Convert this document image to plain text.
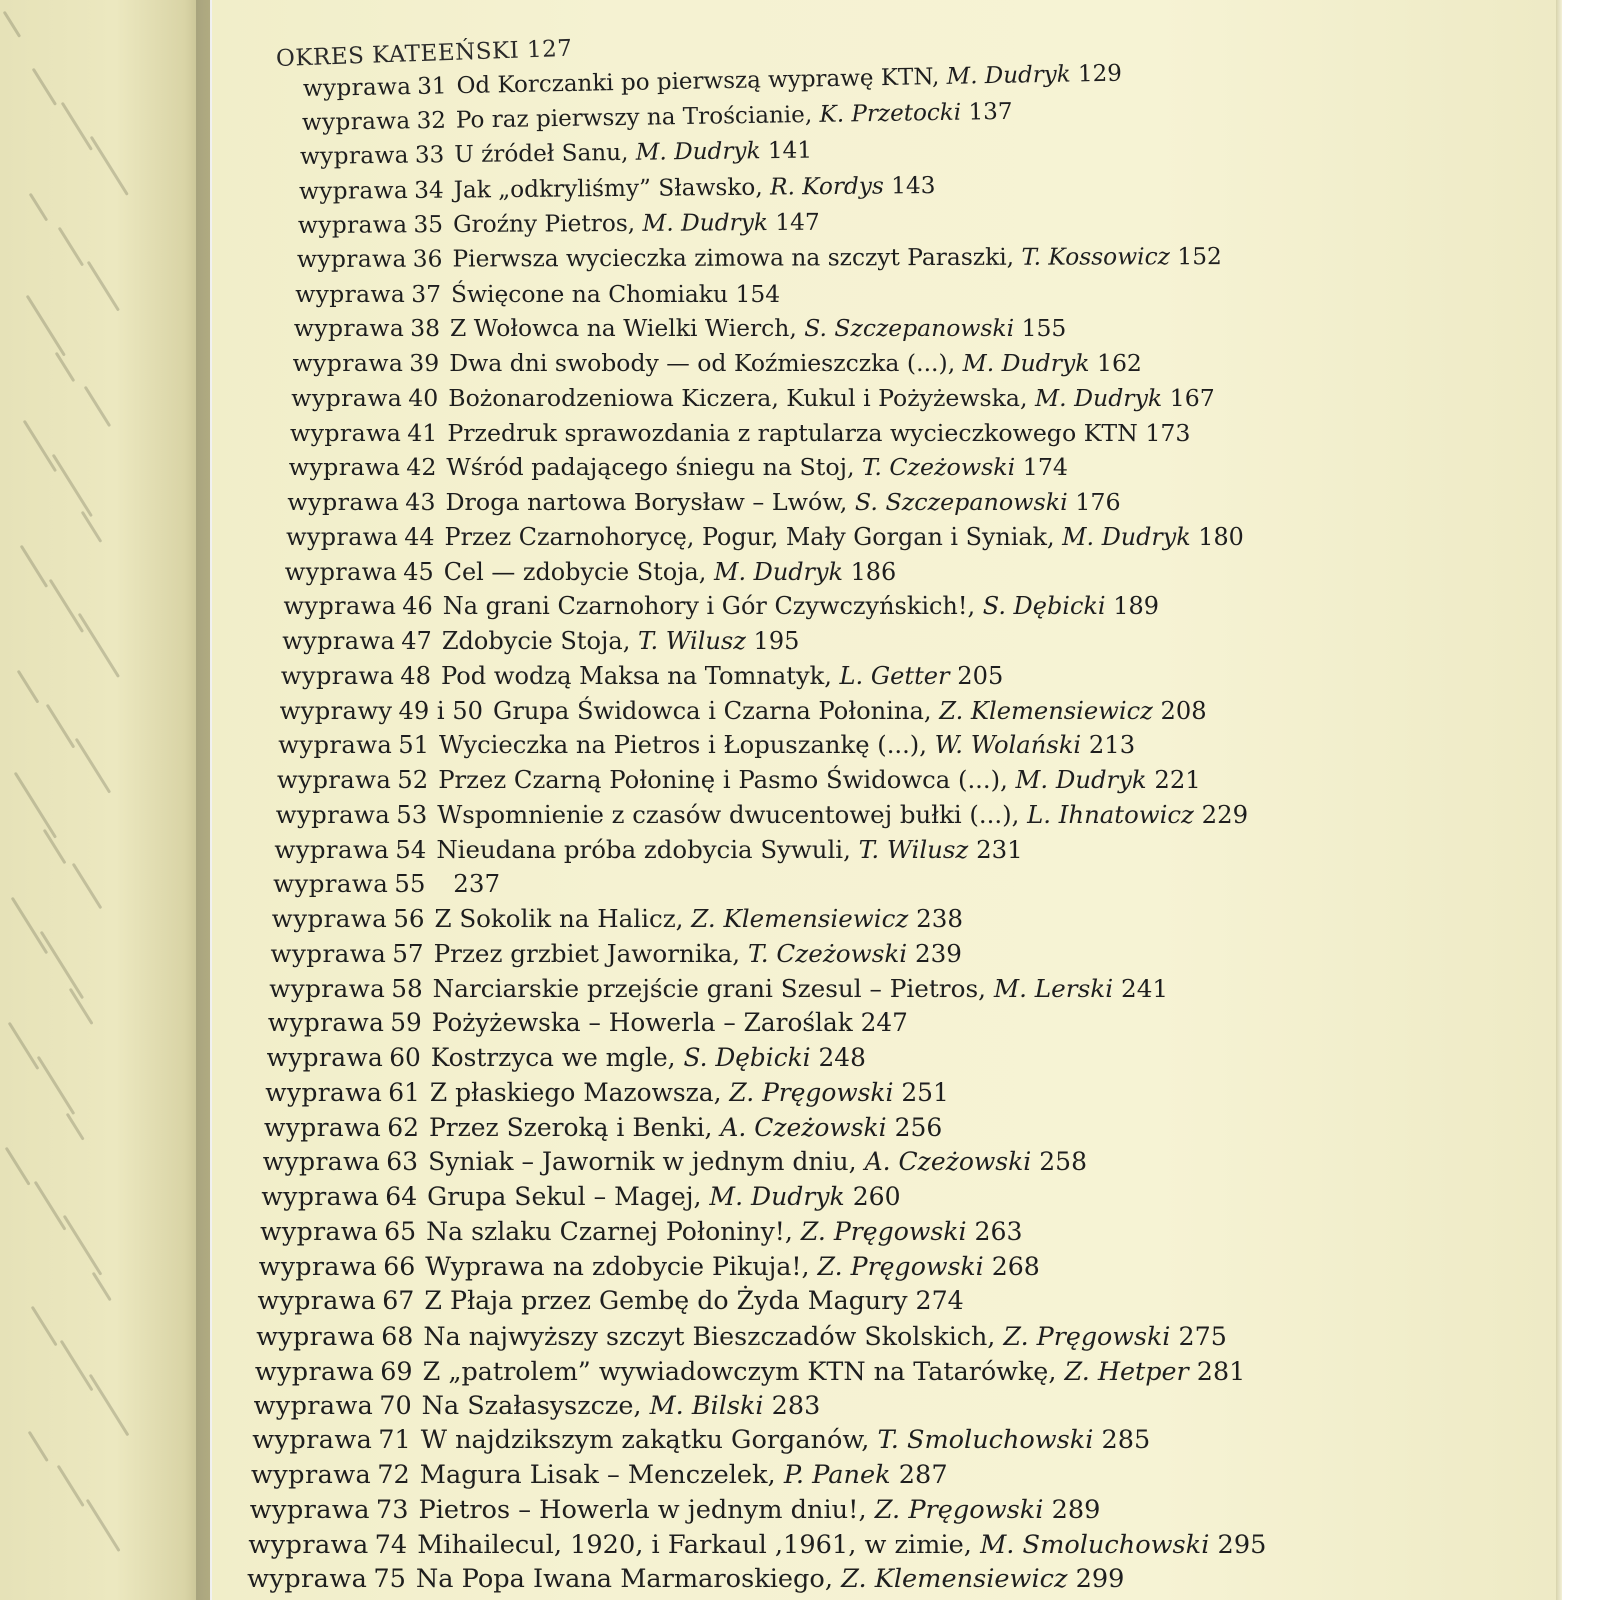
OKRES KATEEŃSKI 127
wyprawa 31 Od Korczanki po pierwszą wyprawę KTN, M. Dudryk 129
wyprawa 32 Po raz pierwszy na Trościanie, K. Przetocki 137
wyprawa 33 U źródeł Sanu, M. Dudryk 141
wyprawa 34 Jak „odkryliśmy” Sławsko, R. Kordys 143
wyprawa 35 Groźny Pietros, M. Dudryk 147
wyprawa 36 Pierwsza wycieczka zimowa na szczyt Paraszki, T. Kossowicz 152
wyprawa 37 Święcone na Chomiaku 154
wyprawa 38 Z Wołowca na Wielki Wierch, S. Szczepanowski 155
wyprawa 39 Dwa dni swobody — od Koźmieszczka (...), M. Dudryk 162
wyprawa 40 Bożonarodzeniowa Kiczera, Kukul i Pożyżewska, M. Dudryk 167
wyprawa 41 Przedruk sprawozdania z raptularza wycieczkowego KTN 173
wyprawa 42 Wśród padającego śniegu na Stoj, T. Czeżowski 174
wyprawa 43 Droga nartowa Borysław – Lwów, S. Szczepanowski 176
wyprawa 44 Przez Czarnohorycę, Pogur, Mały Gorgan i Syniak, M. Dudryk 180
wyprawa 45 Cel — zdobycie Stoja, M. Dudryk 186
wyprawa 46 Na grani Czarnohory i Gór Czywczyńskich!, S. Dębicki 189
wyprawa 47 Zdobycie Stoja, T. Wilusz 195
wyprawa 48 Pod wodzą Maksa na Tomnatyk, L. Getter 205
wyprawy 49 i 50 Grupa Świdowca i Czarna Połonina, Z. Klemensiewicz 208
wyprawa 51 Wycieczka na Pietros i Łopuszankę (...), W. Wolański 213
wyprawa 52 Przez Czarną Połoninę i Pasmo Świdowca (...), M. Dudryk 221
wyprawa 53 Wspomnienie z czasów dwucentowej bułki (...), L. Ihnatowicz 229
wyprawa 54 Nieudana próba zdobycia Sywuli, T. Wilusz 231
wyprawa 55 237
wyprawa 56 Z Sokolik na Halicz, Z. Klemensiewicz 238
wyprawa 57 Przez grzbiet Jawornika, T. Czeżowski 239
wyprawa 58 Narciarskie przejście grani Szesul – Pietros, M. Lerski 241
wyprawa 59 Pożyżewska – Howerla – Zaroślak 247
wyprawa 60 Kostrzyca we mgle, S. Dębicki 248
wyprawa 61 Z płaskiego Mazowsza, Z. Pręgowski 251
wyprawa 62 Przez Szeroką i Benki, A. Czeżowski 256
wyprawa 63 Syniak – Jawornik w jednym dniu, A. Czeżowski 258
wyprawa 64 Grupa Sekul – Magej, M. Dudryk 260
wyprawa 65 Na szlaku Czarnej Połoniny!, Z. Pręgowski 263
wyprawa 66 Wyprawa na zdobycie Pikuja!, Z. Pręgowski 268
wyprawa 67 Z Płaja przez Gembę do Żyda Magury 274
wyprawa 68 Na najwyższy szczyt Bieszczadów Skolskich, Z. Pręgowski 275
wyprawa 69 Z „patrolem” wywiadowczym KTN na Tatarówkę, Z. Hetper 281
wyprawa 70 Na Szałasyszcze, M. Bilski 283
wyprawa 71 W najdzikszym zakątku Gorganów, T. Smoluchowski 285
wyprawa 72 Magura Lisak – Menczelek, P. Panek 287
wyprawa 73 Pietros – Howerla w jednym dniu!, Z. Pręgowski 289
wyprawa 74 Mihailecul, 1920, i Farkaul ,1961, w zimie, M. Smoluchowski 295
wyprawa 75 Na Popa Iwana Marmaroskiego, Z. Klemensiewicz 299
